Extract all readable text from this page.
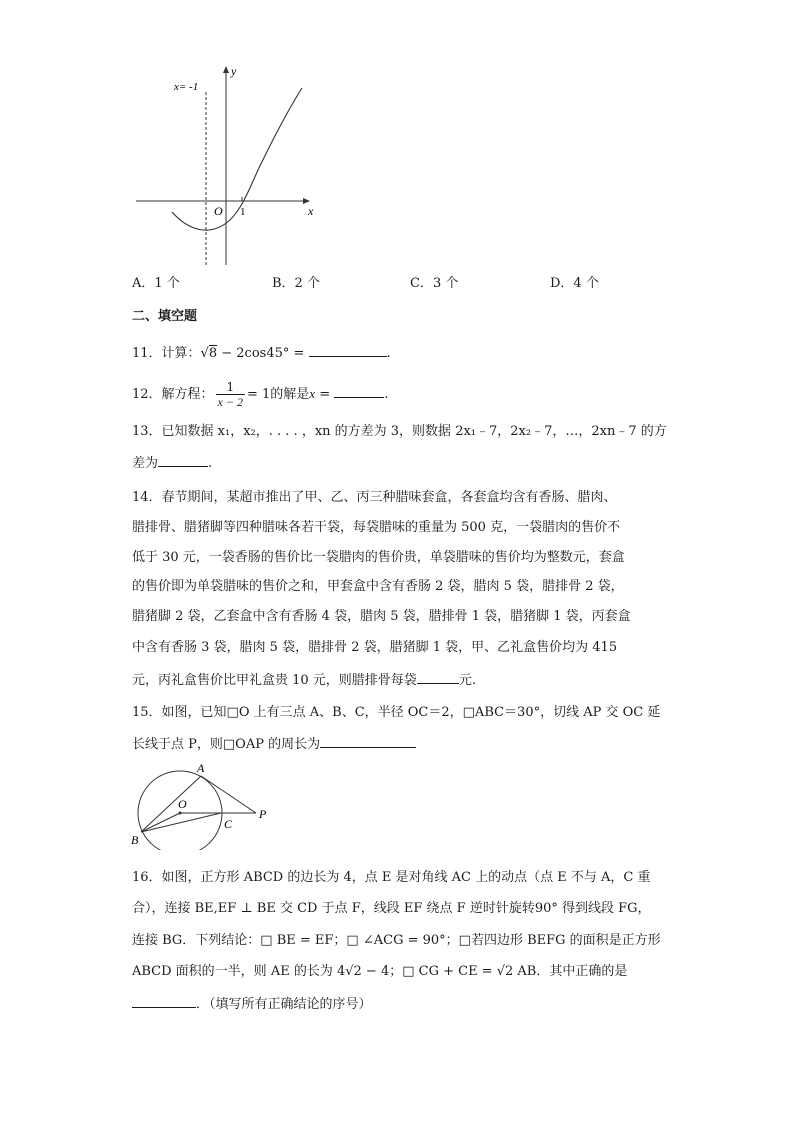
x= -1
y
x
O 1
A．1 个	B．2 个	C．3 个	D．4 个
二、填空题
11．计算：√8 − 2cos45° =	.
12．解方程： $\frac{1}{x - 2} = 1$的解是x =	.
13．已知数据 x₁，x₂，. . . . ，xn 的方差为 3，则数据 2x₁﹣7，2x₂﹣7，…，2xn﹣7 的方
差为	.
14．春节期间，某超市推出了甲、乙、丙三种腊味套盒，各套盒均含有香肠、腊肉、
腊排骨、腊猪脚等四种腊味各若干袋，每袋腊味的重量为 500 克，一袋腊肉的售价不
低于 30 元，一袋香肠的售价比一袋腊肉的售价贵，单袋腊味的售价均为整数元，套盒
的售价即为单袋腊味的售价之和，甲套盒中含有香肠 2 袋，腊肉 5 袋，腊排骨 2 袋，
腊猪脚 2 袋，乙套盒中含有香肠 4 袋，腊肉 5 袋，腊排骨 1 袋，腊猪脚 1 袋，丙套盒
中含有香肠 3 袋，腊肉 5 袋，腊排骨 2 袋，腊猪脚 1 袋，甲、乙礼盒售价均为 415
元，丙礼盒售价比甲礼盒贵 10 元，则腊排骨每袋	元.
15．如图，已知□O 上有三点 A、B、C，半径 OC＝2，□ABC＝30°，切线 AP 交 OC 延
长线于点 P，则□OAP 的周长为
A
O
B
C
P
16．如图，正方形 ABCD 的边长为 4，点 E 是对角线 AC 上的动点（点 E 不与 A，C 重
合），连接 BE,EF ⊥ BE 交 CD 于点 F，线段 EF 绕点 F 逆时针旋转90° 得到线段 FG，
连接 BG．下列结论：□ BE = EF；□ ∠ACG = 90°；□若四边形 BEFG 的面积是正方形
ABCD 面积的一半，则 AE 的长为 4√2 − 4；□ CG + CE = √2 AB．其中正确的是
．（填写所有正确结论的序号）
